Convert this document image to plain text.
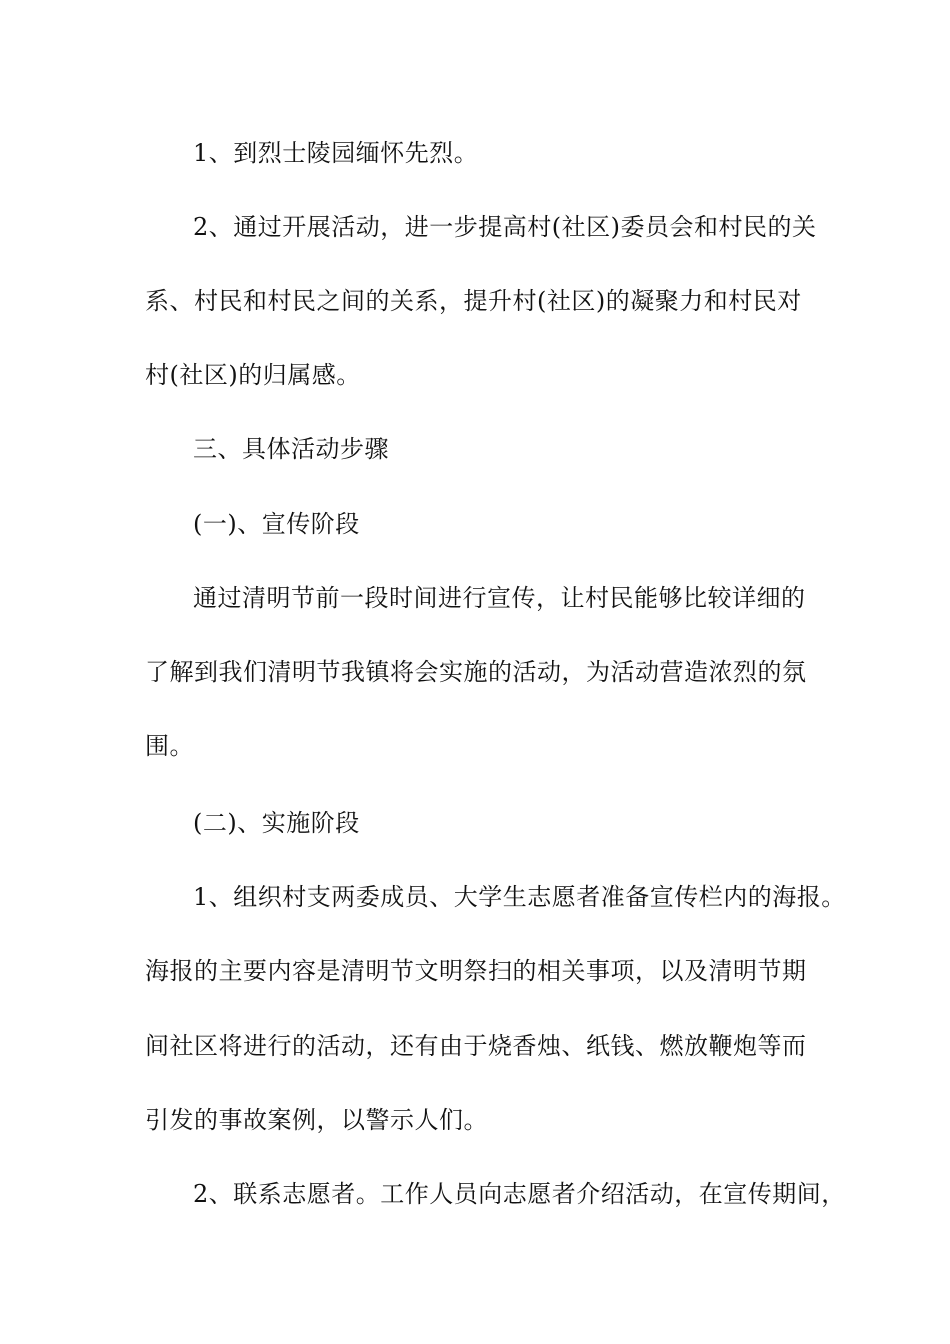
1、到烈士陵园缅怀先烈。

2、通过开展活动，进一步提高村(社区)委员会和村民的关

系、村民和村民之间的关系，提升村(社区)的凝聚力和村民对

村(社区)的归属感。

三、具体活动步骤

(一)、宣传阶段

通过清明节前一段时间进行宣传，让村民能够比较详细的

了解到我们清明节我镇将会实施的活动，为活动营造浓烈的氛

围。

(二)、实施阶段

1、组织村支两委成员、大学生志愿者准备宣传栏内的海报。

海报的主要内容是清明节文明祭扫的相关事项，以及清明节期

间社区将进行的活动，还有由于烧香烛、纸钱、燃放鞭炮等而

引发的事故案例，以警示人们。

2、联系志愿者。工作人员向志愿者介绍活动，在宣传期间，
